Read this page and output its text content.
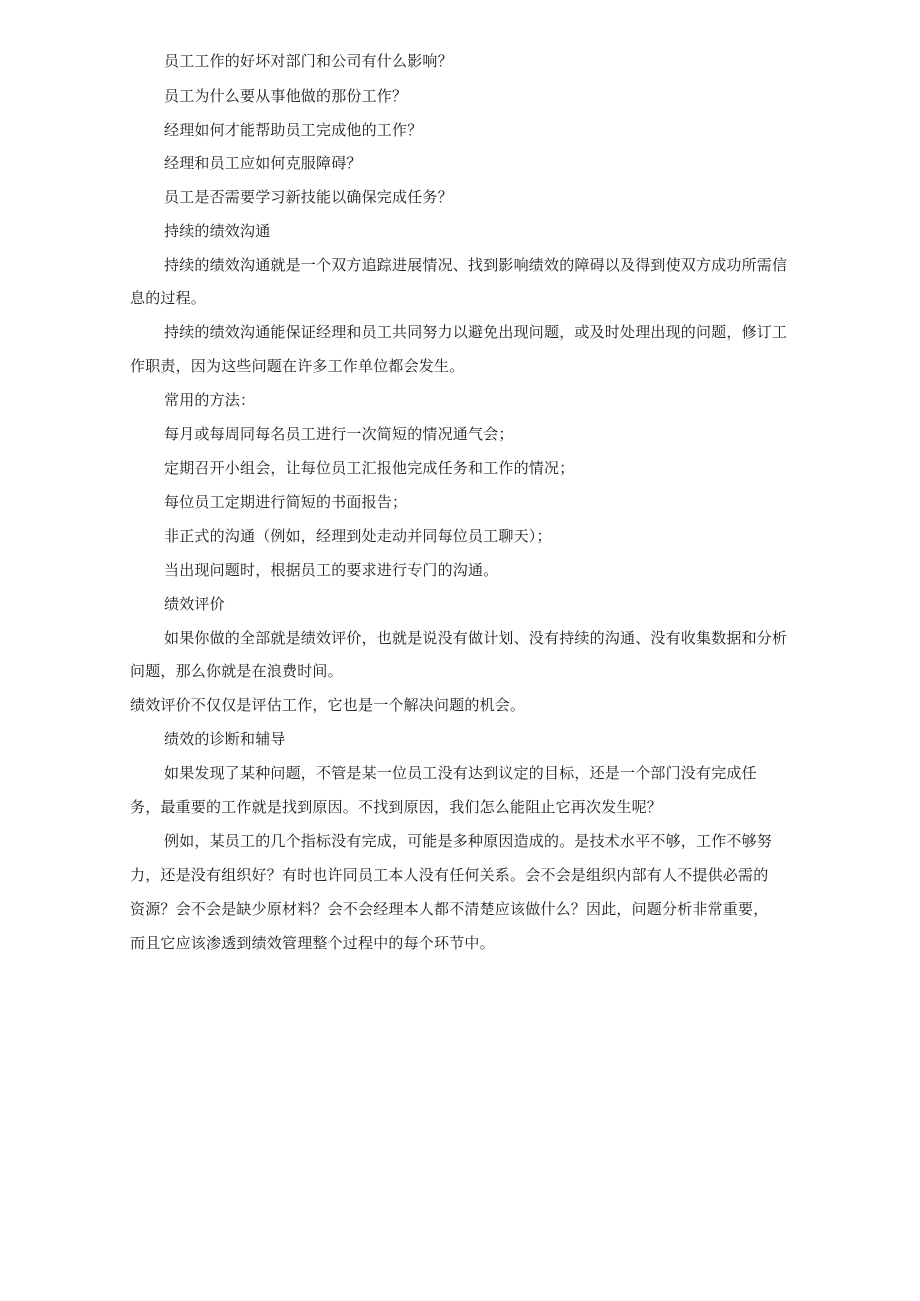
员工工作的好坏对部门和公司有什么影响？

员工为什么要从事他做的那份工作？

经理如何才能帮助员工完成他的工作？

经理和员工应如何克服障碍？

员工是否需要学习新技能以确保完成任务？

持续的绩效沟通

持续的绩效沟通就是一个双方追踪进展情况、找到影响绩效的障碍以及得到使双方成功所需信

息的过程。

持续的绩效沟通能保证经理和员工共同努力以避免出现问题，或及时处理出现的问题，修订工

作职责，因为这些问题在许多工作单位都会发生。

常用的方法：

每月或每周同每名员工进行一次简短的情况通气会；

定期召开小组会，让每位员工汇报他完成任务和工作的情况；

每位员工定期进行简短的书面报告；

非正式的沟通（例如，经理到处走动并同每位员工聊天）；

当出现问题时，根据员工的要求进行专门的沟通。

绩效评价

如果你做的全部就是绩效评价，也就是说没有做计划、没有持续的沟通、没有收集数据和分析

问题，那么你就是在浪费时间。

绩效评价不仅仅是评估工作，它也是一个解决问题的机会。

绩效的诊断和辅导

如果发现了某种问题，不管是某一位员工没有达到议定的目标，还是一个部门没有完成任

务，最重要的工作就是找到原因。不找到原因，我们怎么能阻止它再次发生呢？

例如，某员工的几个指标没有完成，可能是多种原因造成的。是技术水平不够，工作不够努

力，还是没有组织好？有时也许同员工本人没有任何关系。会不会是组织内部有人不提供必需的

资源？会不会是缺少原材料？会不会经理本人都不清楚应该做什么？因此，问题分析非常重要，

而且它应该渗透到绩效管理整个过程中的每个环节中。
